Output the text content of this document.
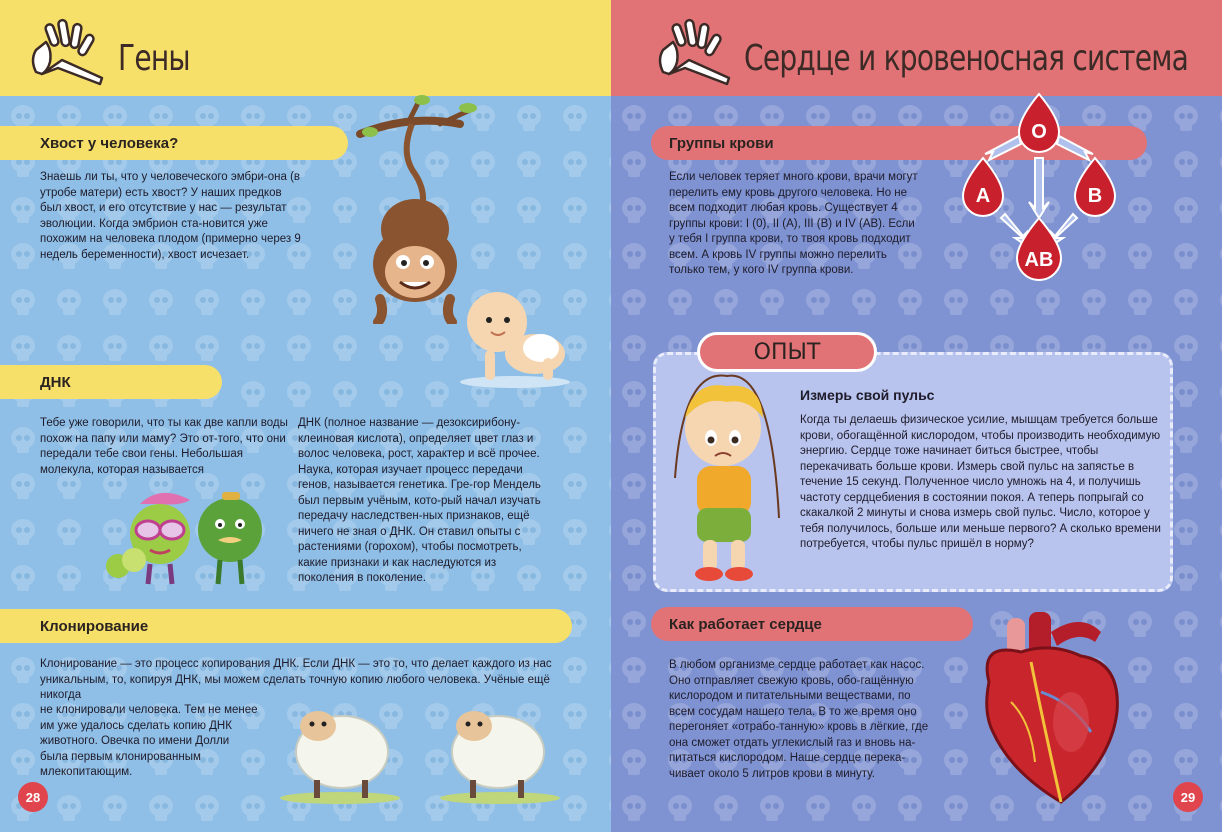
Гены
Хвост у человека?
Знаешь ли ты, что у человеческого эмбри-она (в утробе матери) есть хвост? У наших предков был хвост, и его отсутствие у нас — результат эволюции. Когда эмбрион ста-новится уже похожим на человека плодом (примерно через 9 недель беременности), хвост исчезает.
ДНК
Тебе уже говорили, что ты как две капли воды похож на папу или маму? Это от-того, что они передали тебе свои гены. Небольшая молекула, которая называется
ДНК (полное название — дезоксирибону-клеиновая кислота), определяет цвет глаз и волос человека, рост, характер и всё прочее. Наука, которая изучает процесс передачи генов, называется генетика. Гре-гор Мендель был первым учёным, кото-рый начал изучать передачу наследствен-ных признаков, ещё ничего не зная о ДНК. Он ставил опыты с растениями (горохом), чтобы посмотреть, какие признаки и как наследуются из поколения в поколение.
Клонирование
Клонирование — это процесс копирования ДНК. Если ДНК — это то, что делает каждого из нас уникальным, то, копируя ДНК, мы можем сделать точную копию любого человека. Учёные ещё никогда
не клонировали человека. Тем не менее им уже удалось сделать копию ДНК животного. Овечка по имени Долли была первым клонированным млекопитающим.
28
Сердце и кровеносная система
Группы крови
Если человек теряет много крови, врачи могут перелить ему кровь другого человека. Но не всем подходит любая кровь. Существует 4 группы крови: I (0), II (A), III (B) и IV (AB). Если у тебя I группа крови, то твоя кровь подходит всем. А кровь IV группы можно перелить только тем, у кого IV группа крови.
O
A	B
AB
ОПЫТ
Измерь свой пульс
Когда ты делаешь физическое усилие, мышцам требуется больше крови, обогащённой кислородом, чтобы производить необходимую энергию. Сердце тоже начинает биться быстрее, чтобы перекачивать больше крови. Измерь свой пульс на запястье в течение 15 секунд. Полученное число умножь на 4, и получишь частоту сердцебиения в состоянии покоя. А теперь попрыгай со скакалкой 2 минуты и снова измерь свой пульс. Число, которое у тебя получилось, больше или меньше первого? А сколько времени потребуется, чтобы пульс пришёл в норму?
Как работает сердце
В любом организме сердце работает как насос. Оно отправляет свежую кровь, обо-гащённую кислородом и питательными веществами, по всем сосудам нашего тела. В то же время оно перегоняет «отрабо-танную» кровь в лёгкие, где она сможет отдать углекислый газ и вновь на-питаться кислородом. Наше сердце перека-чивает около 5 литров крови в минуту.
29
